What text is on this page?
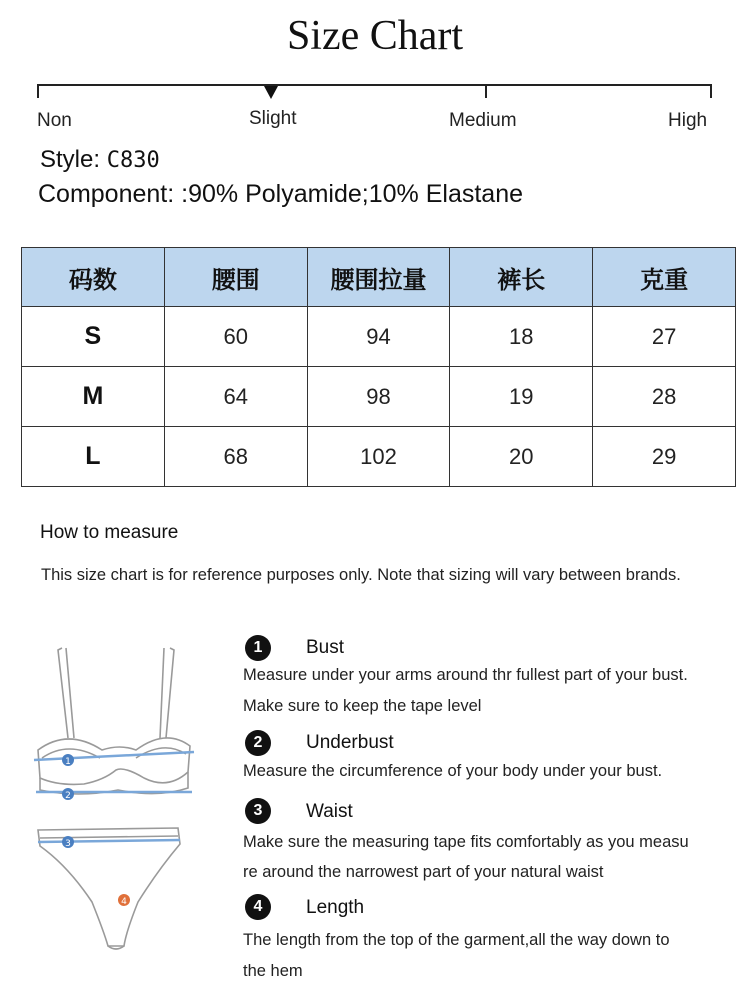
Size Chart
Non	Slight	Medium	High
Style: C830
Component: :90% Polyamide;10% Elastane
码数	腰围	腰围拉量	裤长	克重
S	60	94	18	27
M	64	98	19	28
L	68	102	20	29
How to measure
This size chart is for reference purposes only. Note that sizing will vary between brands.
1
2
3
4
1	Bust
Measure under your arms around thr fullest part of your bust.
Make sure to keep the tape level
2	Underbust
Measure the circumference of your body under your bust.
3	Waist
Make sure the measuring tape fits comfortably as you measu
re around the narrowest part of your natural waist
4	Length
The length from the top of the garment,all the way down to
the hem
